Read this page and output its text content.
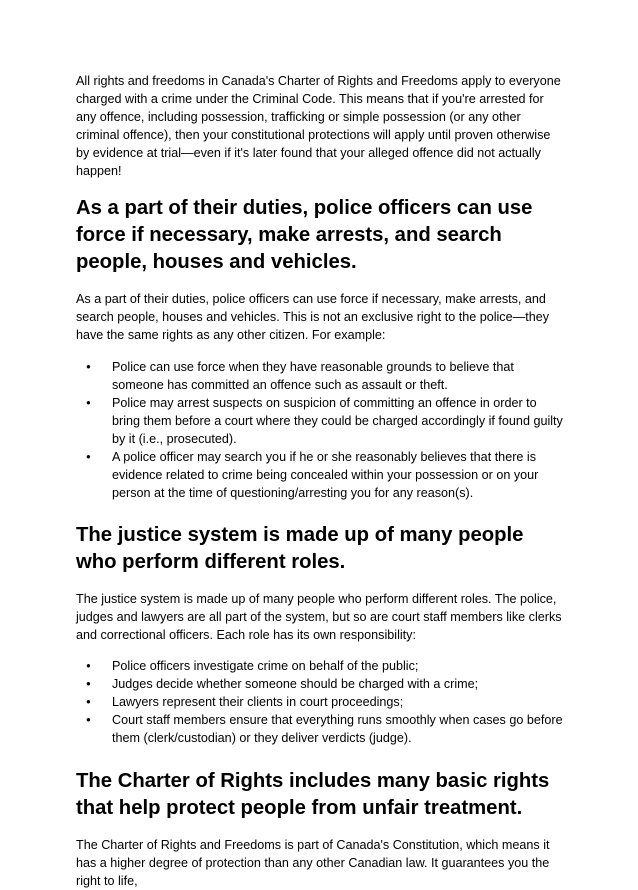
All rights and freedoms in Canada's Charter of Rights and Freedoms apply to everyone charged with a crime under the Criminal Code. This means that if you're arrested for any offence, including possession, trafficking or simple possession (or any other criminal offence), then your constitutional protections will apply until proven otherwise by evidence at trial—even if it's later found that your alleged offence did not actually happen!

As a part of their duties, police officers can use force if necessary, make arrests, and search people, houses and vehicles.

As a part of their duties, police officers can use force if necessary, make arrests, and search people, houses and vehicles. This is not an exclusive right to the police—they have the same rights as any other citizen. For example:

● Police can use force when they have reasonable grounds to believe that someone has committed an offence such as assault or theft.
● Police may arrest suspects on suspicion of committing an offence in order to bring them before a court where they could be charged accordingly if found guilty by it (i.e., prosecuted).
● A police officer may search you if he or she reasonably believes that there is evidence related to crime being concealed within your possession or on your person at the time of questioning/arresting you for any reason(s).
The justice system is made up of many people who perform different roles.

The justice system is made up of many people who perform different roles. The police, judges and lawyers are all part of the system, but so are court staff members like clerks and correctional officers. Each role has its own responsibility:

● Police officers investigate crime on behalf of the public;
● Judges decide whether someone should be charged with a crime;
● Lawyers represent their clients in court proceedings;
● Court staff members ensure that everything runs smoothly when cases go before them (clerk/custodian) or they deliver verdicts (judge).
The Charter of Rights includes many basic rights that help protect people from unfair treatment.

The Charter of Rights and Freedoms is part of Canada's Constitution, which means it has a higher degree of protection than any other Canadian law. It guarantees you the right to life,
